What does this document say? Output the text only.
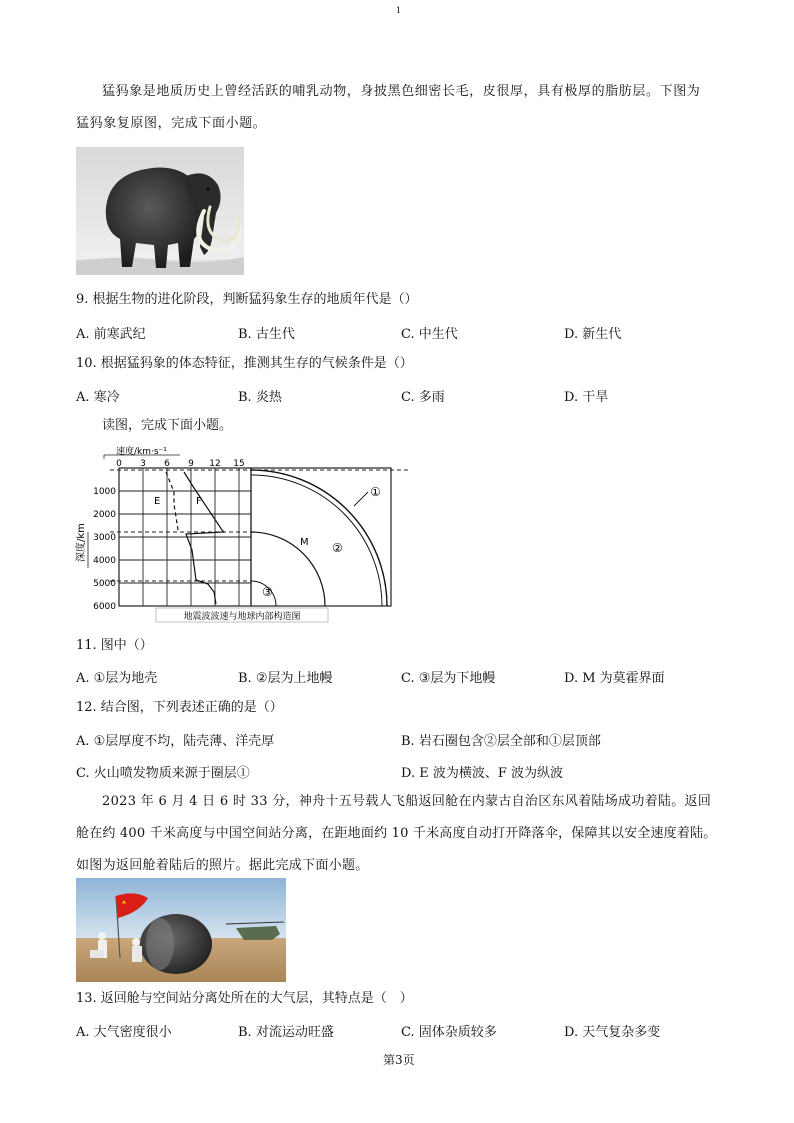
1
猛犸象是地质历史上曾经活跃的哺乳动物，身披黑色细密长毛，皮很厚，具有极厚的脂肪层。下图为
猛犸象复原图，完成下面小题。
9. 根据生物的进化阶段，判断猛犸象生存的地质年代是（）
A. 前寒武纪	B. 古生代	C. 中生代	D. 新生代
10. 根据猛犸象的体态特征，推测其生存的气候条件是（）
A. 寒冷	B. 炎热	C. 多雨	D. 干旱
读图，完成下面小题。
速度/km·s⁻¹
0 3 6 9 12 15
1000
2000
3000
4000
5000
6000
深度/km
E	F
①
②
M
③
地震波波速与地球内部构造图
11. 图中（）
A. ①层为地壳	B. ②层为上地幔	C. ③层为下地幔	D. M 为莫霍界面
12. 结合图，下列表述正确的是（）
A. ①层厚度不均，陆壳薄、洋壳厚	B. 岩石圈包含②层全部和①层顶部
C. 火山喷发物质来源于圈层①	D. E 波为横波、F 波为纵波
2023 年 6 月 4 日 6 时 33 分，神舟十五号载人飞船返回舱在内蒙古自治区东风着陆场成功着陆。返回
舱在约 400 千米高度与中国空间站分离，在距地面约 10 千米高度自动打开降落伞，保障其以安全速度着陆。
如图为返回舱着陆后的照片。据此完成下面小题。
13. 返回舱与空间站分离处所在的大气层，其特点是（　）
A. 大气密度很小	B. 对流运动旺盛	C. 固体杂质较多	D. 天气复杂多变
第3页
